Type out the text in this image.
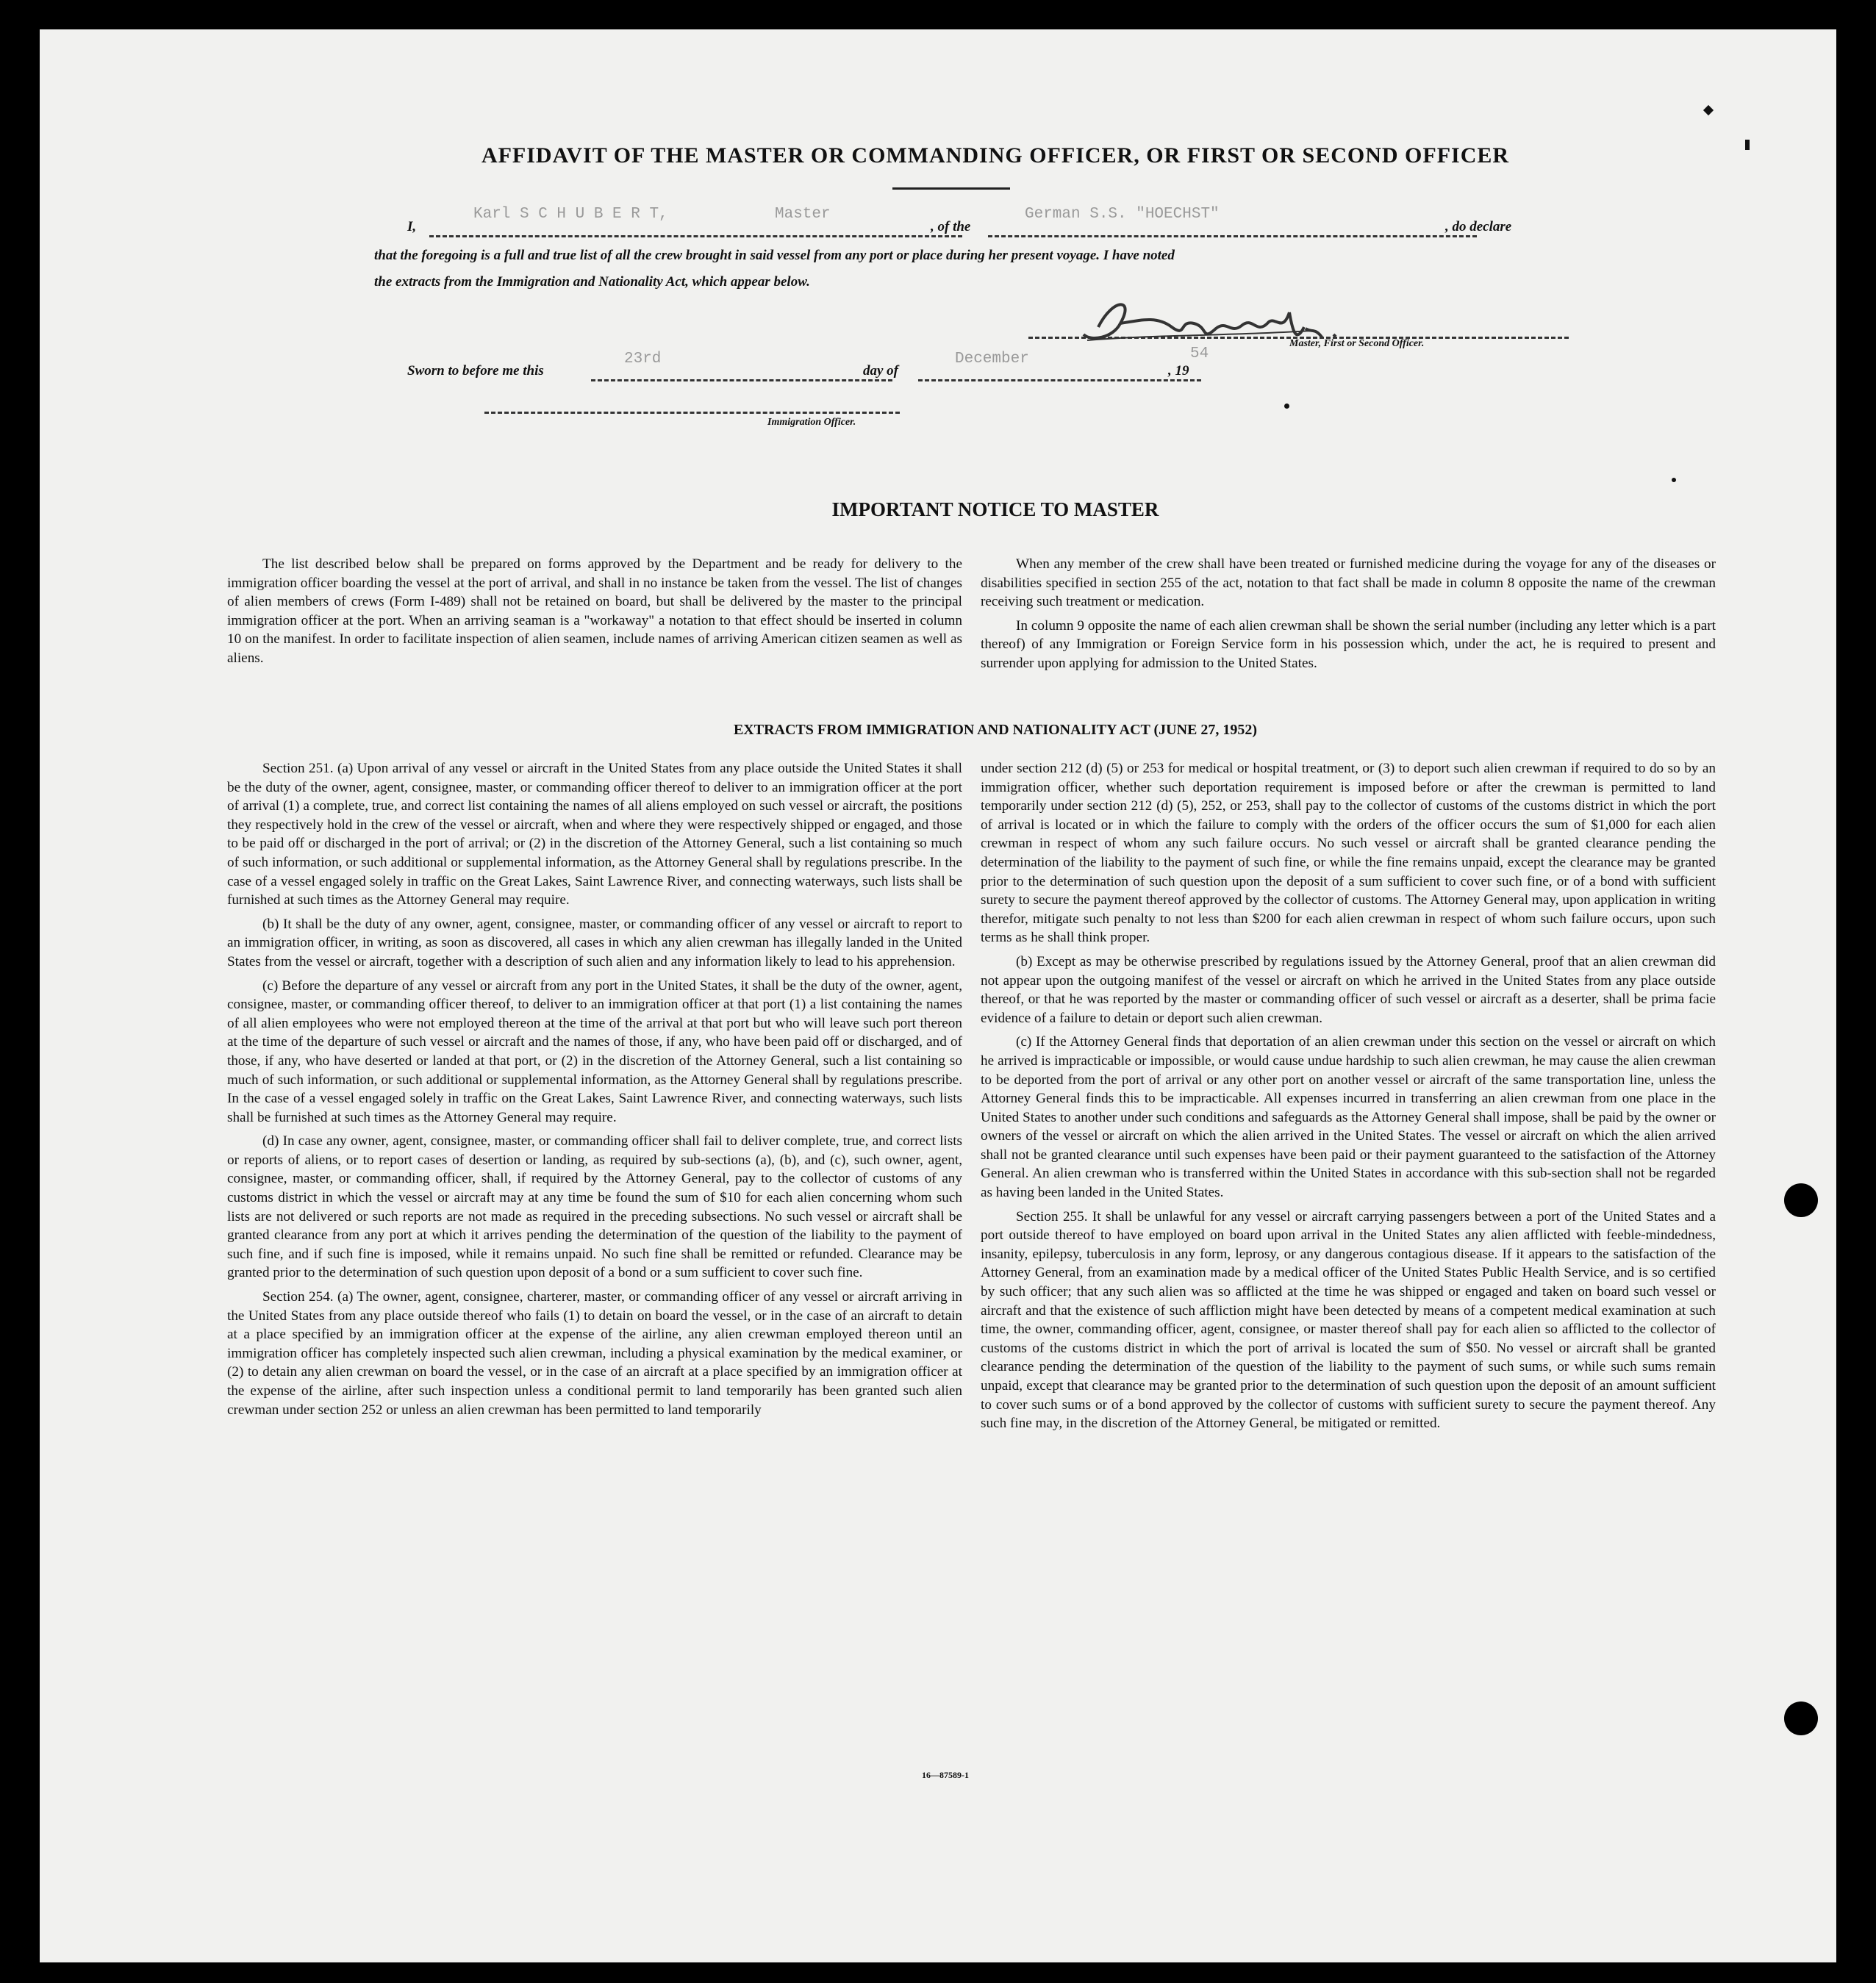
AFFIDAVIT OF THE MASTER OR COMMANDING OFFICER, OR FIRST OR SECOND OFFICER
I,
Karl S C H U B E R T,	Master
, of the
German S.S. "HOECHST"
, do declare
that the foregoing is a full and true list of all the crew brought in said vessel from any port or place during her present voyage. I have noted
the extracts from the Immigration and Nationality Act, which appear below.
Master, First or Second Officer.
Sworn to before me this
23rd
day of
December
, 19
54
Immigration Officer.
IMPORTANT NOTICE TO MASTER

The list described below shall be prepared on forms approved by the Department and be ready for delivery to the immigration officer boarding the vessel at the port of arrival, and shall in no instance be taken from the vessel. The list of changes of alien members of crews (Form I-489) shall not be retained on board, but shall be delivered by the master to the principal immigration officer at the port. When an arriving seaman is a "workaway" a notation to that effect should be inserted in column 10 on the manifest. In order to facilitate inspection of alien seamen, include names of arriving American citizen seamen as well as aliens.

When any member of the crew shall have been treated or furnished medicine during the voyage for any of the diseases or disabilities specified in section 255 of the act, notation to that fact shall be made in column 8 opposite the name of the crewman receiving such treatment or medication.

In column 9 opposite the name of each alien crewman shall be shown the serial number (including any letter which is a part thereof) of any Immigration or Foreign Service form in his possession which, under the act, he is required to present and surrender upon applying for admission to the United States.

EXTRACTS FROM IMMIGRATION AND NATIONALITY ACT (JUNE 27, 1952)

Section 251. (a) Upon arrival of any vessel or aircraft in the United States from any place outside the United States it shall be the duty of the owner, agent, consignee, master, or commanding officer thereof to deliver to an immigration officer at the port of arrival (1) a complete, true, and correct list containing the names of all aliens employed on such vessel or aircraft, the positions they respectively hold in the crew of the vessel or aircraft, when and where they were respectively shipped or engaged, and those to be paid off or discharged in the port of arrival; or (2) in the discretion of the Attorney General, such a list containing so much of such information, or such additional or supplemental information, as the Attorney General shall by regulations prescribe. In the case of a vessel engaged solely in traffic on the Great Lakes, Saint Lawrence River, and connecting waterways, such lists shall be furnished at such times as the Attorney General may require.

(b) It shall be the duty of any owner, agent, consignee, master, or commanding officer of any vessel or aircraft to report to an immigration officer, in writing, as soon as discovered, all cases in which any alien crewman has illegally landed in the United States from the vessel or aircraft, together with a description of such alien and any information likely to lead to his apprehension.

(c) Before the departure of any vessel or aircraft from any port in the United States, it shall be the duty of the owner, agent, consignee, master, or commanding officer thereof, to deliver to an immigration officer at that port (1) a list containing the names of all alien employees who were not employed thereon at the time of the arrival at that port but who will leave such port thereon at the time of the departure of such vessel or aircraft and the names of those, if any, who have been paid off or discharged, and of those, if any, who have deserted or landed at that port, or (2) in the discretion of the Attorney General, such a list containing so much of such information, or such additional or supplemental information, as the Attorney General shall by regulations prescribe. In the case of a vessel engaged solely in traffic on the Great Lakes, Saint Lawrence River, and connecting waterways, such lists shall be furnished at such times as the Attorney General may require.

(d) In case any owner, agent, consignee, master, or commanding officer shall fail to deliver complete, true, and correct lists or reports of aliens, or to report cases of desertion or landing, as required by sub-sections (a), (b), and (c), such owner, agent, consignee, master, or commanding officer, shall, if required by the Attorney General, pay to the collector of customs of any customs district in which the vessel or aircraft may at any time be found the sum of $10 for each alien concerning whom such lists are not delivered or such reports are not made as required in the preceding subsections. No such vessel or aircraft shall be granted clearance from any port at which it arrives pending the determination of the question of the liability to the payment of such fine, and if such fine is imposed, while it remains unpaid. No such fine shall be remitted or refunded. Clearance may be granted prior to the determination of such question upon deposit of a bond or a sum sufficient to cover such fine.

Section 254. (a) The owner, agent, consignee, charterer, master, or commanding officer of any vessel or aircraft arriving in the United States from any place outside thereof who fails (1) to detain on board the vessel, or in the case of an aircraft to detain at a place specified by an immigration officer at the expense of the airline, any alien crewman employed thereon until an immigration officer has completely inspected such alien crewman, including a physical examination by the medical examiner, or (2) to detain any alien crewman on board the vessel, or in the case of an aircraft at a place specified by an immigration officer at the expense of the airline, after such inspection unless a conditional permit to land temporarily has been granted such alien crewman under section 252 or unless an alien crewman has been permitted to land temporarily

under section 212 (d) (5) or 253 for medical or hospital treatment, or (3) to deport such alien crewman if required to do so by an immigration officer, whether such deportation requirement is imposed before or after the crewman is permitted to land temporarily under section 212 (d) (5), 252, or 253, shall pay to the collector of customs of the customs district in which the port of arrival is located or in which the failure to comply with the orders of the officer occurs the sum of $1,000 for each alien crewman in respect of whom any such failure occurs. No such vessel or aircraft shall be granted clearance pending the determination of the liability to the payment of such fine, or while the fine remains unpaid, except the clearance may be granted prior to the determination of such question upon the deposit of a sum sufficient to cover such fine, or of a bond with sufficient surety to secure the payment thereof approved by the collector of customs. The Attorney General may, upon application in writing therefor, mitigate such penalty to not less than $200 for each alien crewman in respect of whom such failure occurs, upon such terms as he shall think proper.

(b) Except as may be otherwise prescribed by regulations issued by the Attorney General, proof that an alien crewman did not appear upon the outgoing manifest of the vessel or aircraft on which he arrived in the United States from any place outside thereof, or that he was reported by the master or commanding officer of such vessel or aircraft as a deserter, shall be prima facie evidence of a failure to detain or deport such alien crewman.

(c) If the Attorney General finds that deportation of an alien crewman under this section on the vessel or aircraft on which he arrived is impracticable or impossible, or would cause undue hardship to such alien crewman, he may cause the alien crewman to be deported from the port of arrival or any other port on another vessel or aircraft of the same transportation line, unless the Attorney General finds this to be impracticable. All expenses incurred in transferring an alien crewman from one place in the United States to another under such conditions and safeguards as the Attorney General shall impose, shall be paid by the owner or owners of the vessel or aircraft on which the alien arrived in the United States. The vessel or aircraft on which the alien arrived shall not be granted clearance until such expenses have been paid or their payment guaranteed to the satisfaction of the Attorney General. An alien crewman who is transferred within the United States in accordance with this sub-section shall not be regarded as having been landed in the United States.

Section 255. It shall be unlawful for any vessel or aircraft carrying passengers between a port of the United States and a port outside thereof to have employed on board upon arrival in the United States any alien afflicted with feeble-mindedness, insanity, epilepsy, tuberculosis in any form, leprosy, or any dangerous contagious disease. If it appears to the satisfaction of the Attorney General, from an examination made by a medical officer of the United States Public Health Service, and is so certified by such officer; that any such alien was so afflicted at the time he was shipped or engaged and taken on board such vessel or aircraft and that the existence of such affliction might have been detected by means of a competent medical examination at such time, the owner, commanding officer, agent, consignee, or master thereof shall pay for each alien so afflicted to the collector of customs of the customs district in which the port of arrival is located the sum of $50. No vessel or aircraft shall be granted clearance pending the determination of the question of the liability to the payment of such sums, or while such sums remain unpaid, except that clearance may be granted prior to the determination of such question upon the deposit of an amount sufficient to cover such sums or of a bond approved by the collector of customs with sufficient surety to secure the payment thereof. Any such fine may, in the discretion of the Attorney General, be mitigated or remitted.

16—87589-1
